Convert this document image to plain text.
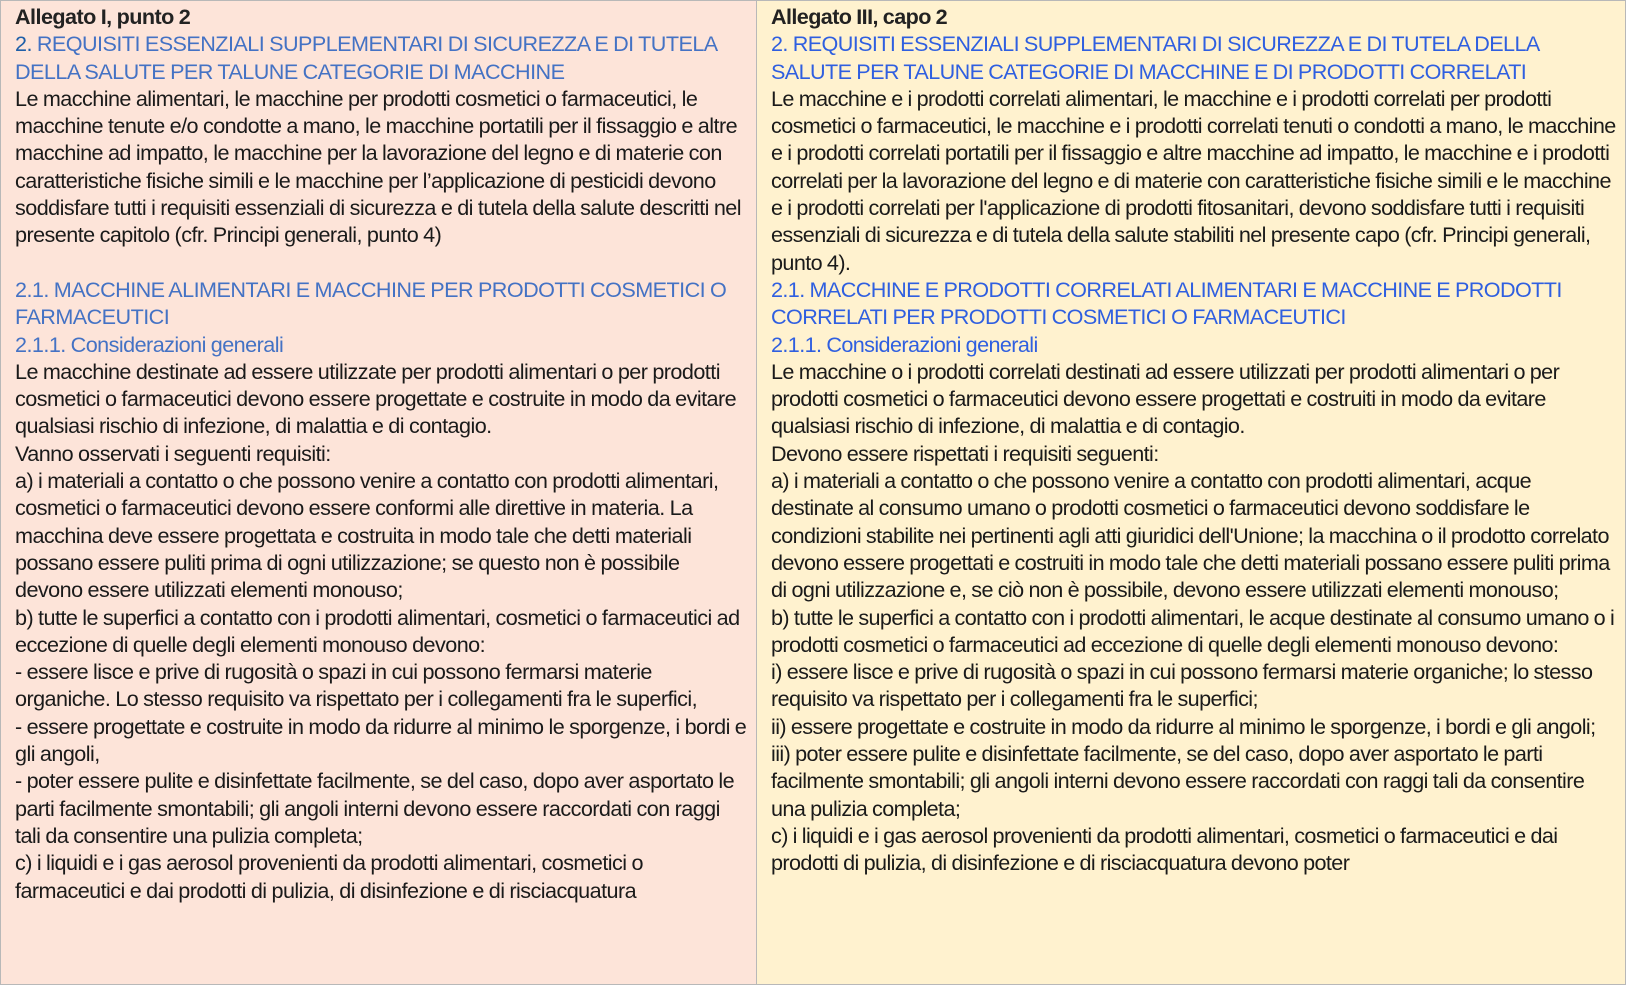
Allegato I, punto 2
2. REQUISITI ESSENZIALI SUPPLEMENTARI DI SICUREZZA E DI TUTELA DELLA SALUTE PER TALUNE CATEGORIE DI MACCHINE

Le macchine alimentari, le macchine per prodotti cosmetici o farmaceutici, le macchine tenute e/o condotte a mano, le macchine portatili per il fissaggio e altre macchine ad impatto, le macchine per la lavorazione del legno e di materie con caratteristiche fisiche simili e le macchine per l’applicazione di pesticidi devono soddisfare tutti i requisiti essenziali di sicurezza e di tutela della salute descritti nel presente capitolo (cfr. Principi generali, punto 4)

2.1. MACCHINE ALIMENTARI E MACCHINE PER PRODOTTI COSMETICI O FARMACEUTICI
2.1.1. Considerazioni generali

Le macchine destinate ad essere utilizzate per prodotti alimentari o per prodotti cosmetici o farmaceutici devono essere progettate e costruite in modo da evitare qualsiasi rischio di infezione, di malattia e di contagio.

Vanno osservati i seguenti requisiti:

a) i materiali a contatto o che possono venire a contatto con prodotti alimentari, cosmetici o farmaceutici devono essere conformi alle direttive in materia. La macchina deve essere progettata e costruita in modo tale che detti materiali possano essere puliti prima di ogni utilizzazione; se questo non è possibile devono essere utilizzati elementi monouso;

b) tutte le superfici a contatto con i prodotti alimentari, cosmetici o farmaceutici ad eccezione di quelle degli elementi monouso devono:

- essere lisce e prive di rugosità o spazi in cui possono fermarsi materie organiche. Lo stesso requisito va rispettato per i collegamenti fra le superfici,

- essere progettate e costruite in modo da ridurre al minimo le sporgenze, i bordi e gli angoli,

- poter essere pulite e disinfettate facilmente, se del caso, dopo aver asportato le parti facilmente smontabili; gli angoli interni devono essere raccordati con raggi tali da consentire una pulizia completa;

c) i liquidi e i gas aerosol provenienti da prodotti alimentari, cosmetici o farmaceutici e dai prodotti di pulizia, di disinfezione e di risciacquatura

Allegato III, capo 2
2. REQUISITI ESSENZIALI SUPPLEMENTARI DI SICUREZZA E DI TUTELA DELLA SALUTE PER TALUNE CATEGORIE DI MACCHINE E DI PRODOTTI CORRELATI

Le macchine e i prodotti correlati alimentari, le macchine e i prodotti correlati per prodotti cosmetici o farmaceutici, le macchine e i prodotti correlati tenuti o condotti a mano, le macchine e i prodotti correlati portatili per il fissaggio e altre macchine ad impatto, le macchine e i prodotti correlati per la lavorazione del legno e di materie con caratteristiche fisiche simili e le macchine e i prodotti correlati per l'applicazione di prodotti fitosanitari, devono soddisfare tutti i requisiti essenziali di sicurezza e di tutela della salute stabiliti nel presente capo (cfr. Principi generali, punto 4).

2.1. MACCHINE E PRODOTTI CORRELATI ALIMENTARI E MACCHINE E PRODOTTI CORRELATI PER PRODOTTI COSMETICI O FARMACEUTICI
2.1.1. Considerazioni generali

Le macchine o i prodotti correlati destinati ad essere utilizzati per prodotti alimentari o per prodotti cosmetici o farmaceutici devono essere progettati e costruiti in modo da evitare qualsiasi rischio di infezione, di malattia e di contagio.

Devono essere rispettati i requisiti seguenti:

a) i materiali a contatto o che possono venire a contatto con prodotti alimentari, acque destinate al consumo umano o prodotti cosmetici o farmaceutici devono soddisfare le condizioni stabilite nei pertinenti agli atti giuridici dell'Unione; la macchina o il prodotto correlato devono essere progettati e costruiti in modo tale che detti materiali possano essere puliti prima di ogni utilizzazione e, se ciò non è possibile, devono essere utilizzati elementi monouso;

b) tutte le superfici a contatto con i prodotti alimentari, le acque destinate al consumo umano o i prodotti cosmetici o farmaceutici ad eccezione di quelle degli elementi monouso devono:

i) essere lisce e prive di rugosità o spazi in cui possono fermarsi materie organiche; lo stesso requisito va rispettato per i collegamenti fra le superfici;

ii) essere progettate e costruite in modo da ridurre al minimo le sporgenze, i bordi e gli angoli;

iii) poter essere pulite e disinfettate facilmente, se del caso, dopo aver asportato le parti facilmente smontabili; gli angoli interni devono essere raccordati con raggi tali da consentire una pulizia completa;

c) i liquidi e i gas aerosol provenienti da prodotti alimentari, cosmetici o farmaceutici e dai prodotti di pulizia, di disinfezione e di risciacquatura devono poter
